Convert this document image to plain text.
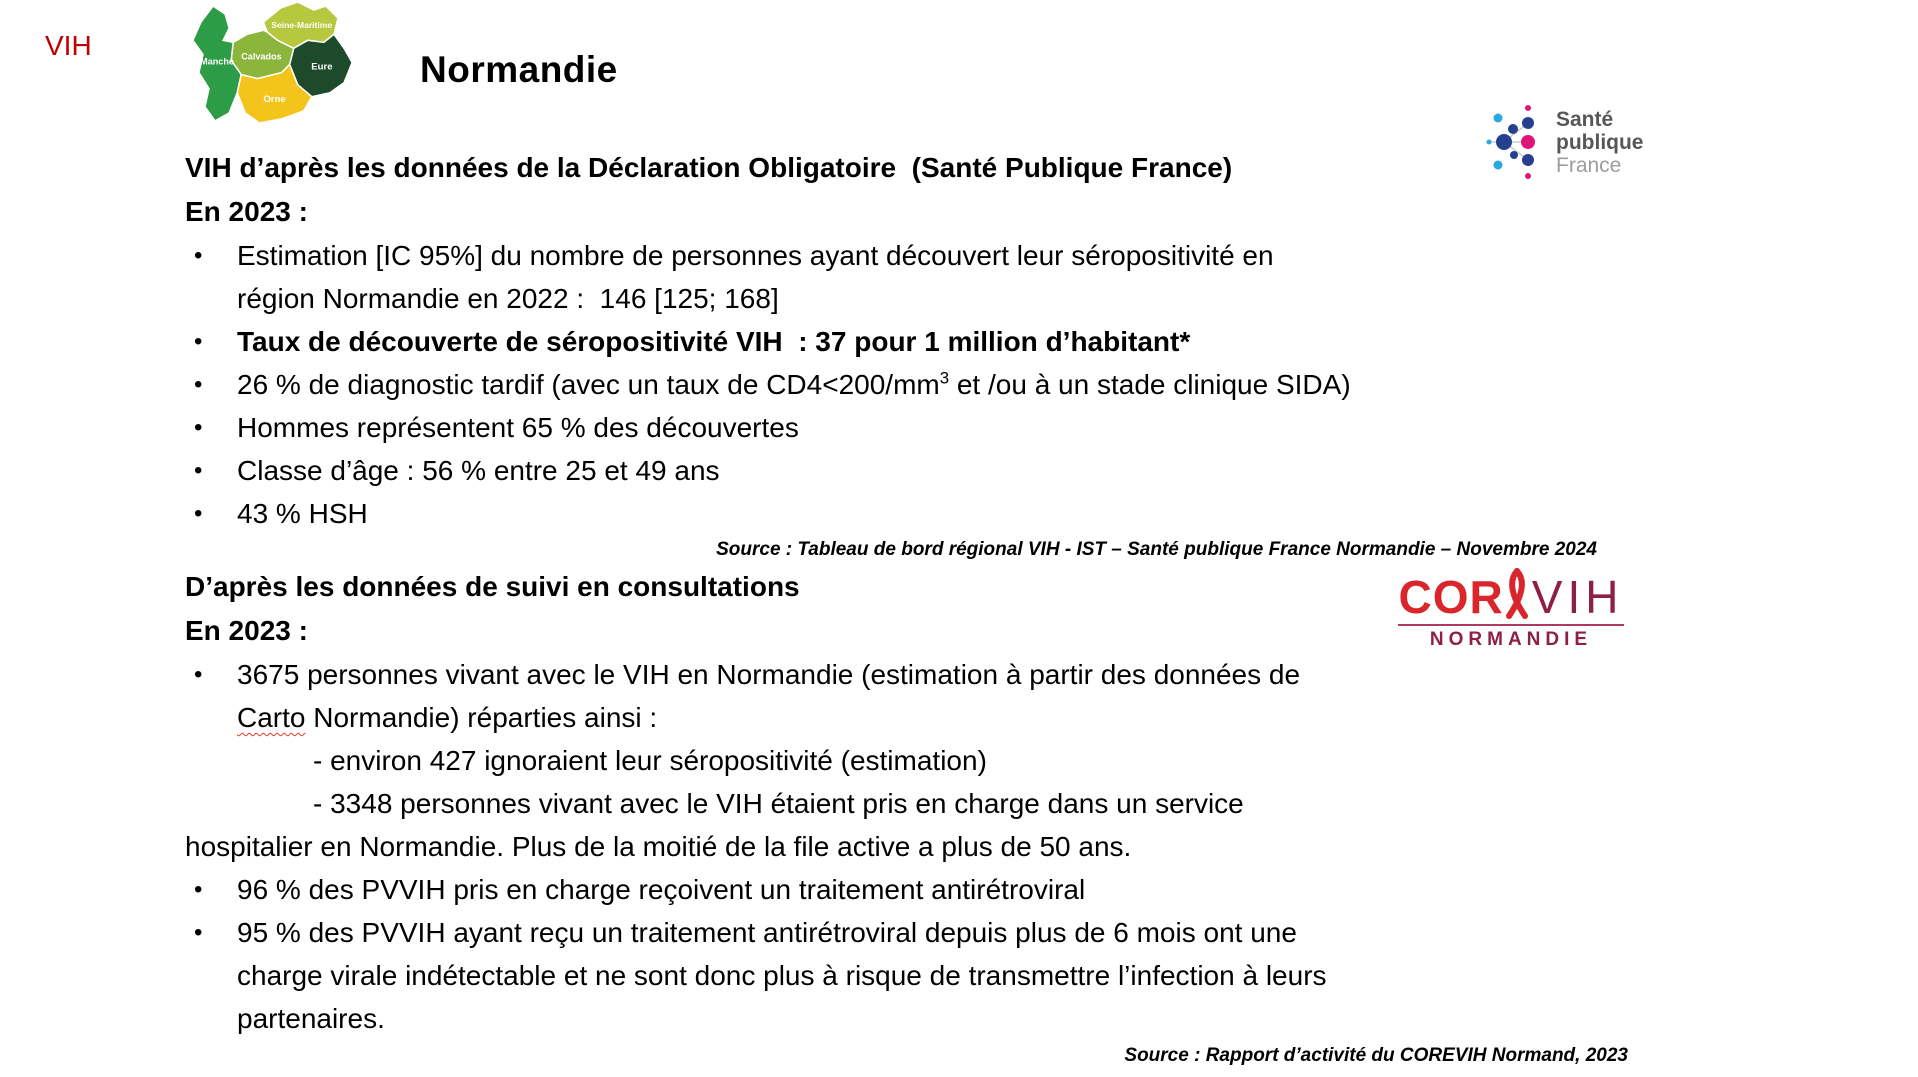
VIH
Seine-Maritime
Manche
Calvados
Eure
Orne
Normandie
Santé
publique
France

VIH d’après les données de la Déclaration Obligatoire  (Santé Publique France)

En 2023 :

•	Estimation [IC 95%] du nombre de personnes ayant découvert leur séropositivité en
région Normandie en 2022 :  146 [125; 168]
•	Taux de découverte de séropositivité VIH  : 37 pour 1 million d’habitant*
•	26 % de diagnostic tardif (avec un taux de $CD4<200/mm^3$ et /ou à un stade clinique SIDA)
•	Hommes représentent 65 % des découvertes
•	Classe d’âge : 56 % entre 25 et 49 ans
•	43 % HSH

Source : Tableau de bord régional VIH - IST – Santé publique France Normandie – Novembre 2024

D’après les données de suivi en consultations

En 2023 :

•	3675 personnes vivant avec le VIH en Normandie (estimation à partir des données de
Carto Normandie) réparties ainsi :

- environ 427 ignoraient leur séropositivité (estimation)

- 3348 personnes vivant avec le VIH étaient pris en charge dans un service

hospitalier en Normandie. Plus de la moitié de la file active a plus de 50 ans.

•	96 % des PVVIH pris en charge reçoivent un traitement antirétroviral
•	95 % des PVVIH ayant reçu un traitement antirétroviral depuis plus de 6 mois ont une
charge virale indétectable et ne sont donc plus à risque de transmettre l’infection à leurs
partenaires.

Source : Rapport d’activité du COREVIH Normand, 2023

COR VIH
NORMANDIE
